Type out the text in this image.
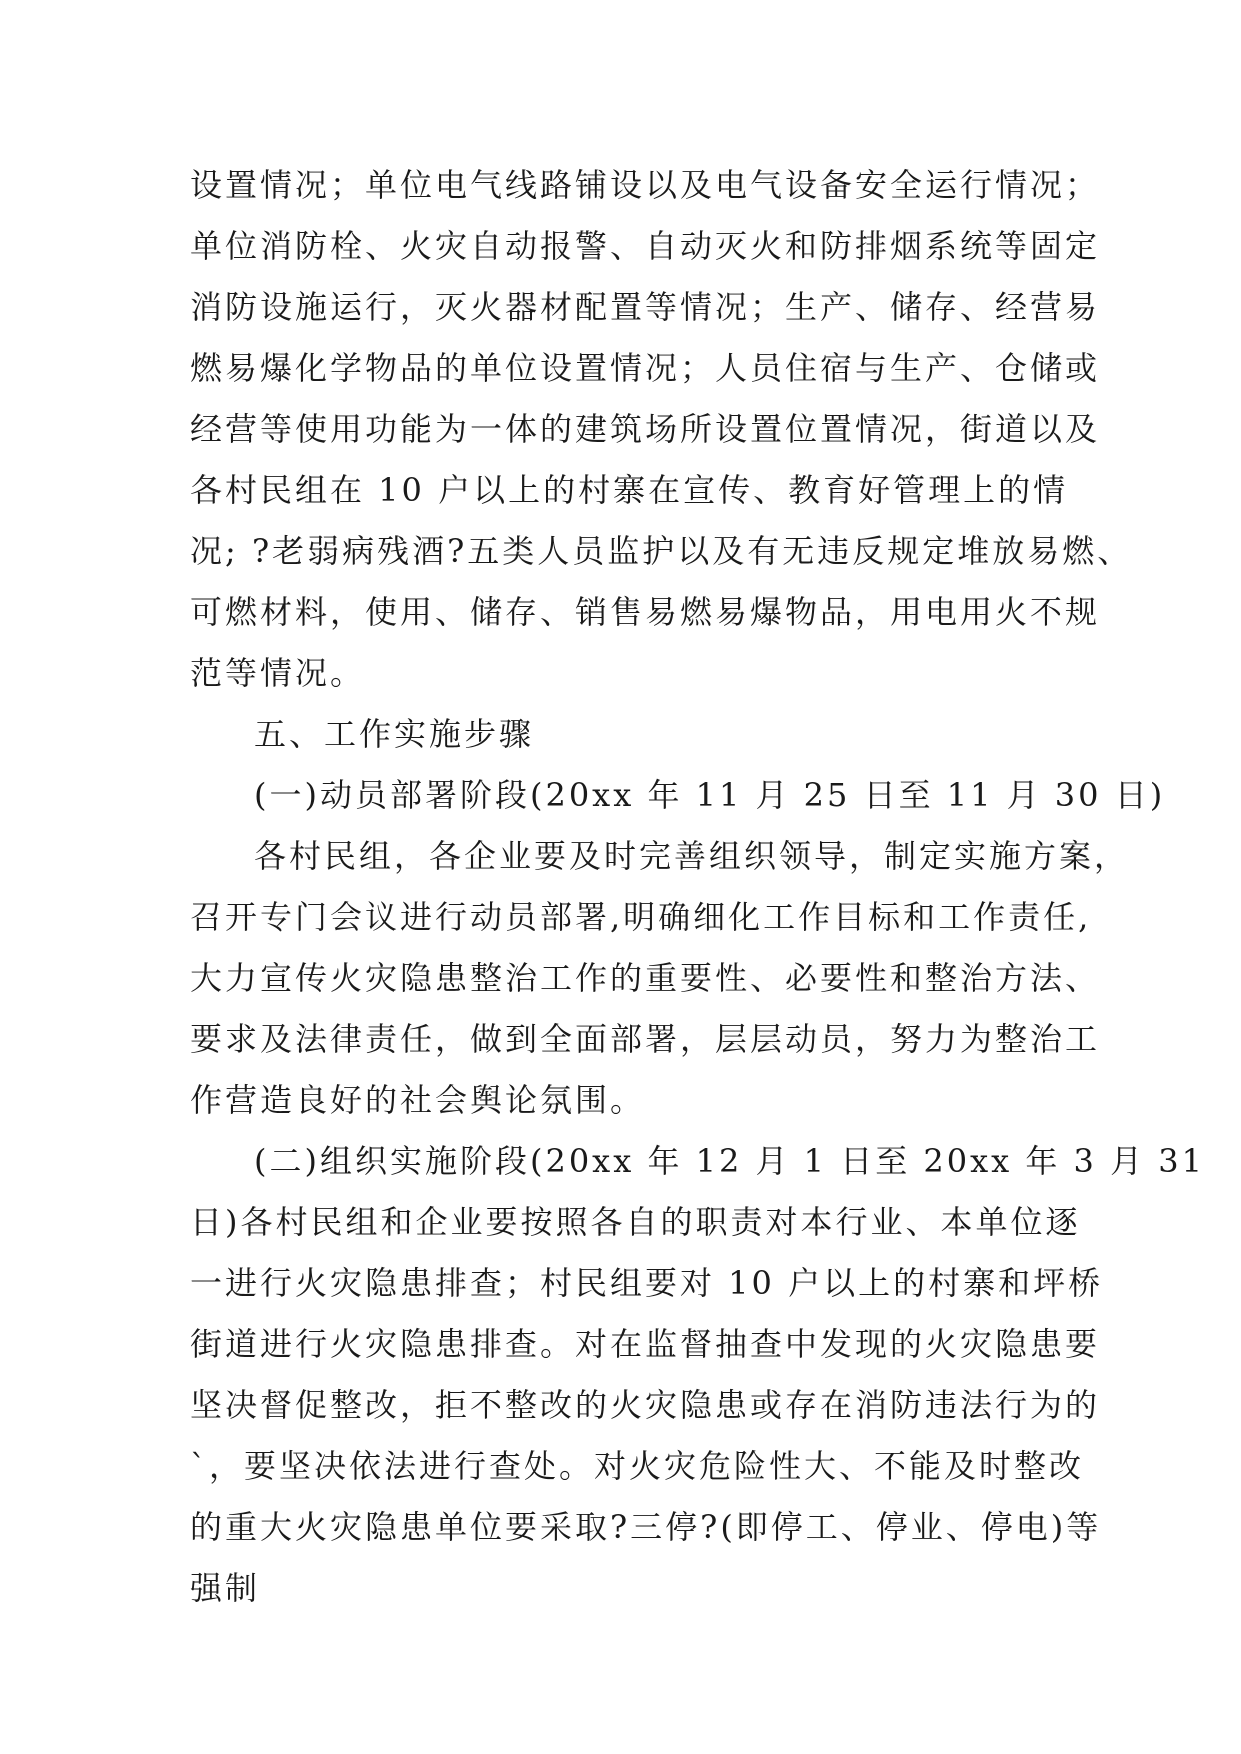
设置情况；单位电气线路铺设以及电气设备安全运行情况；
单位消防栓、火灾自动报警、自动灭火和防排烟系统等固定
消防设施运行，灭火器材配置等情况；生产、储存、经营易
燃易爆化学物品的单位设置情况；人员住宿与生产、仓储或
经营等使用功能为一体的建筑场所设置位置情况，街道以及
各村民组在 10 户以上的村寨在宣传、教育好管理上的情
况; ?老弱病残酒?五类人员监护以及有无违反规定堆放易燃、
可燃材料，使用、储存、销售易燃易爆物品，用电用火不规
范等情况。
五、工作实施步骤
(一)动员部署阶段(20xx 年 11 月 25 日至 11 月 30 日)
各村民组，各企业要及时完善组织领导，制定实施方案，
召开专门会议进行动员部署,明确细化工作目标和工作责任,
大力宣传火灾隐患整治工作的重要性、必要性和整治方法、
要求及法律责任，做到全面部署，层层动员，努力为整治工
作营造良好的社会舆论氛围。
(二)组织实施阶段(20xx 年 12 月 1 日至 20xx 年 3 月 31
日)各村民组和企业要按照各自的职责对本行业、本单位逐
一进行火灾隐患排查；村民组要对 10 户以上的村寨和坪桥
街道进行火灾隐患排查。对在监督抽查中发现的火灾隐患要
坚决督促整改，拒不整改的火灾隐患或存在消防违法行为的
`，要坚决依法进行查处。对火灾危险性大、不能及时整改
的重大火灾隐患单位要采取?三停?(即停工、停业、停电)等
强制
